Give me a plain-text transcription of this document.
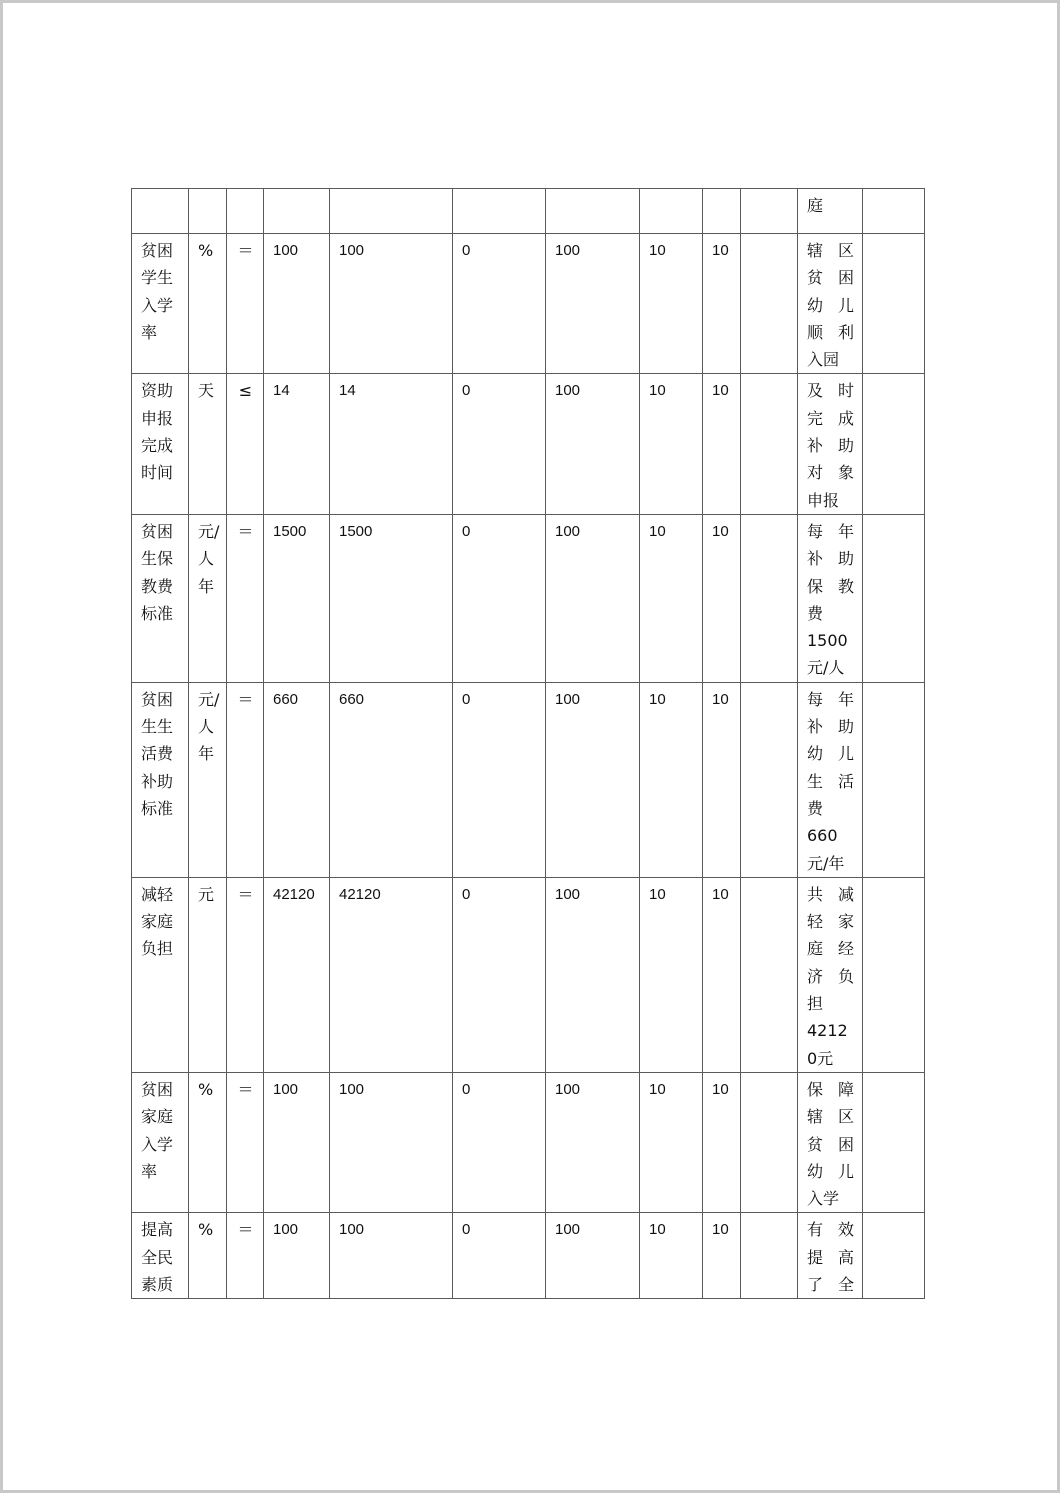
										庭

贫困学生入学率	%	＝	100	100	0	100	10	10		辖区贫困幼儿顺利
入园	

资助申报完成时间	天	≤	14	14	0	100	10	10		及时完成补助对象
申报	

贫困生保教费标准	元/人年	＝	1500	1500	0	100	10	10		每年补助保教费
1500元/人	

贫困生生活费补助标准	元/人年	＝	660	660	0	100	10	10		每年补助幼儿生活费
660元/年	

减轻家庭负担	元	＝	42120	42120	0	100	10	10		共减轻家庭经济负担
42120元	

贫困家庭入学率	%	＝	100	100	0	100	10	10		保障辖区贫困幼儿
入学	

提高全民素质	%	＝	100	100	0	100	10	10		有效提高了全
